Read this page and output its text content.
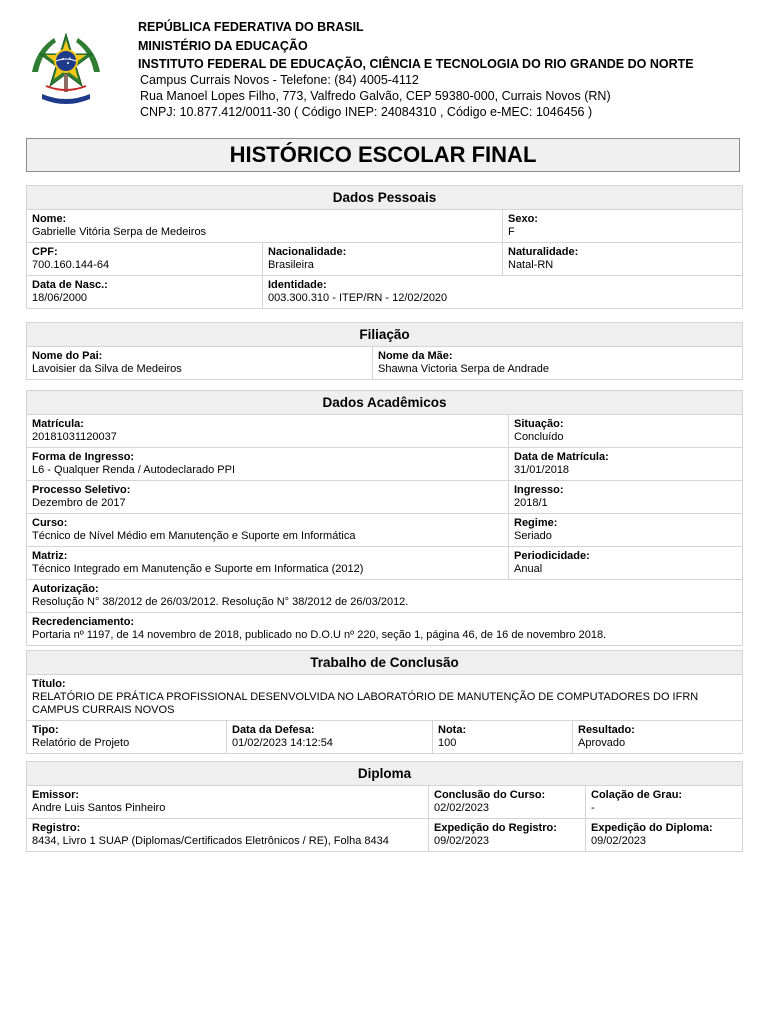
REPÚBLICA FEDERATIVA DO BRASIL
MINISTÉRIO DA EDUCAÇÃO
INSTITUTO FEDERAL DE EDUCAÇÃO, CIÊNCIA E TECNOLOGIA DO RIO GRANDE DO NORTE
Campus Currais Novos - Telefone: (84) 4005-4112
Rua Manoel Lopes Filho, 773, Valfredo Galvão, CEP 59380-000, Currais Novos (RN)
CNPJ: 10.877.412/0011-30 ( Código INEP: 24084310 , Código e-MEC: 1046456 )
HISTÓRICO ESCOLAR FINAL
Dados Pessoais		

Nome:
Gabrielle Vitória Serpa de Medeiros		Sexo:
F

CPF:
700.160.144-64	Nacionalidade:
Brasileira	Naturalidade:
Natal-RN

Data de Nasc.:
18/06/2000	Identidade:
003.300.310 - ITEP/RN - 12/02/2020	
Filiação

Nome do Pai:
Lavoisier da Silva de Medeiros

Nome da Mãe:
Shawna Victoria Serpa de Andrade
Dados Acadêmicos	

Matrícula:
20181031120037	Situação:
Concluído

Forma de Ingresso:
L6 - Qualquer Renda / Autodeclarado PPI	Data de Matrícula:
31/01/2018

Processo Seletivo:
Dezembro de 2017	Ingresso:
2018/1

Curso:
Técnico de Nível Médio em Manutenção e Suporte em Informática	Regime:
Seriado

Matriz:
Técnico Integrado em Manutenção e Suporte em Informatica (2012)	Periodicidade:
Anual

Autorização:
Resolução N° 38/2012 de 26/03/2012. Resolução N° 38/2012 de 26/03/2012.	

Recredenciamento:
Portaria nº 1197, de 14 novembro de 2018, publicado no D.O.U nº 220, seção 1, página 46, de 16 de novembro 2018.	
Trabalho de Conclusão

Título:
RELATÓRIO DE PRÁTICA PROFISSIONAL DESENVOLVIDA NO LABORATÓRIO DE MANUTENÇÃO DE COMPUTADORES DO IFRN CAMPUS CURRAIS NOVOS

Tipo:
Relatório de Projeto

Data da Defesa:
01/02/2023 14:12:54

Nota:
100

Resultado:
Aprovado
Diploma		

Emissor:
Andre Luis Santos Pinheiro	Conclusão do Curso:
02/02/2023	Colação de Grau:
-

Registro:
8434, Livro 1 SUAP (Diplomas/Certificados Eletrônicos / RE), Folha 8434	Expedição do Registro:
09/02/2023	Expedição do Diploma:
09/02/2023
